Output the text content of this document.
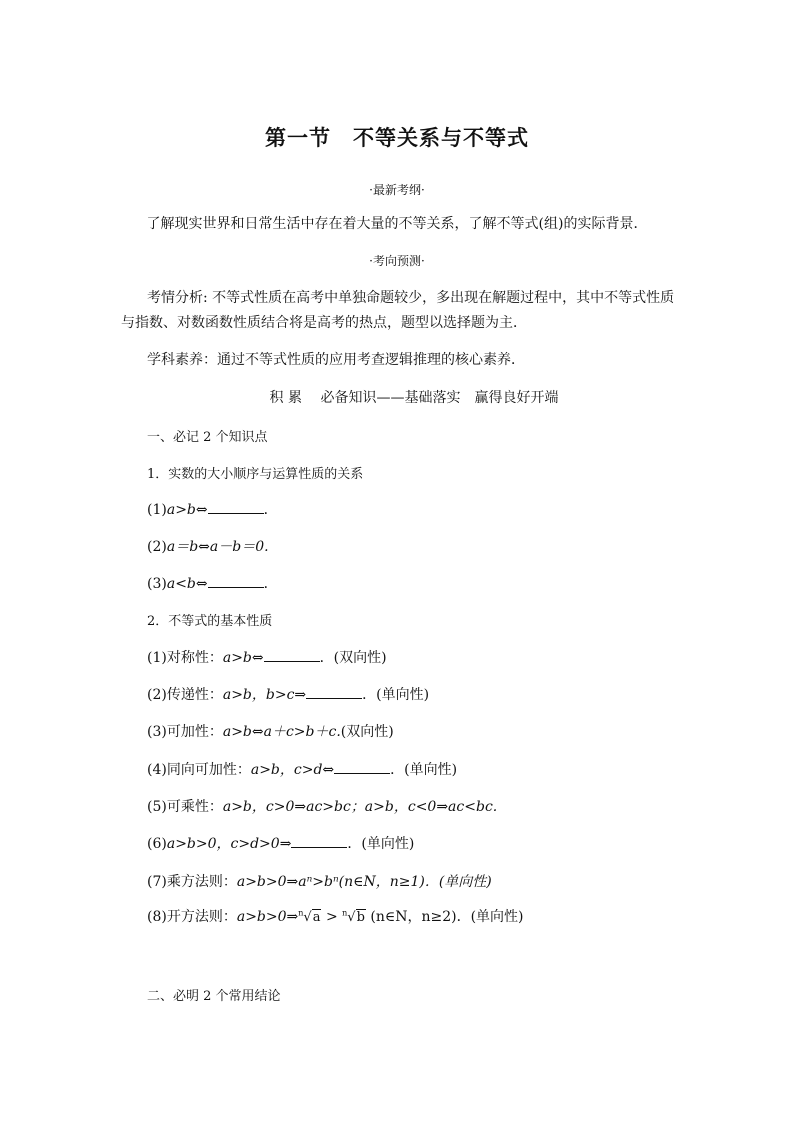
第一节　不等关系与不等式
·最新考纲·
了解现实世界和日常生活中存在着大量的不等关系，了解不等式(组)的实际背景．
·考向预测·
考情分析: 不等式性质在高考中单独命题较少，多出现在解题过程中，其中不等式性质与指数、对数函数性质结合将是高考的热点，题型以选择题为主．
学科素养：通过不等式性质的应用考查逻辑推理的核心素养．
积 累　 必备知识——基础落实　赢得良好开端
一、必记 2 个知识点
1．实数的大小顺序与运算性质的关系
(1)a>b⇔	．
(2)a＝b⇔a－b＝0.
(3)a<b⇔	．
2．不等式的基本性质
(1)对称性：a>b⇔	．(双向性)
(2)传递性：a>b，b>c⇒	．(单向性)
(3)可加性：a>b⇔a＋c>b＋c.(双向性)
(4)同向可加性：a>b，c>d⇔	．(单向性)
(5)可乘性：a>b，c>0⇒ac>bc；a>b，c<0⇒ac<bc.
(6)a>b>0，c>d>0⇒	．(单向性)
(7)乘方法则：a>b>0⇒aⁿ>bⁿ(n∈N，n≥1)．(单向性)
(8)开方法则：a>b>0⇒$^n$√a > $^n$√b (n∈N，n≥2)．(单向性)
二、必明 2 个常用结论
